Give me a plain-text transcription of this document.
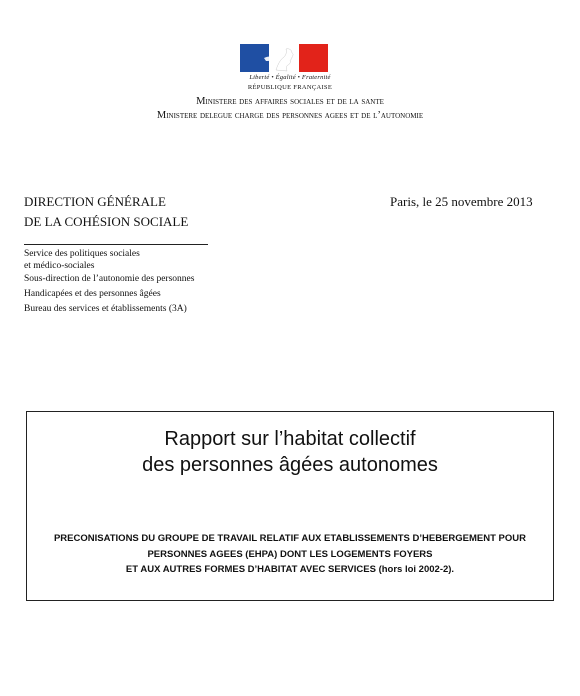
Liberté • Égalité • Fraternité
RÉPUBLIQUE FRANÇAISE
Ministere des affaires sociales et de la sante
Ministere delegue charge des personnes agees et de l’autonomie
DIRECTION GÉNÉRALE
DE LA COHÉSION SOCIALE
Paris, le 25 novembre 2013
Service des politiques sociales
et médico-sociales
Sous-direction de l’autonomie des personnes
Handicapées et des personnes âgées
Bureau des services et établissements (3A)
Rapport sur l’habitat collectif
des personnes âgées autonomes
PRECONISATIONS DU GROUPE DE TRAVAIL RELATIF AUX ETABLISSEMENTS D’HEBERGEMENT POUR
PERSONNES AGEES (EHPA) DONT LES LOGEMENTS FOYERS
ET AUX AUTRES FORMES D’HABITAT AVEC SERVICES (hors loi 2002-2).
